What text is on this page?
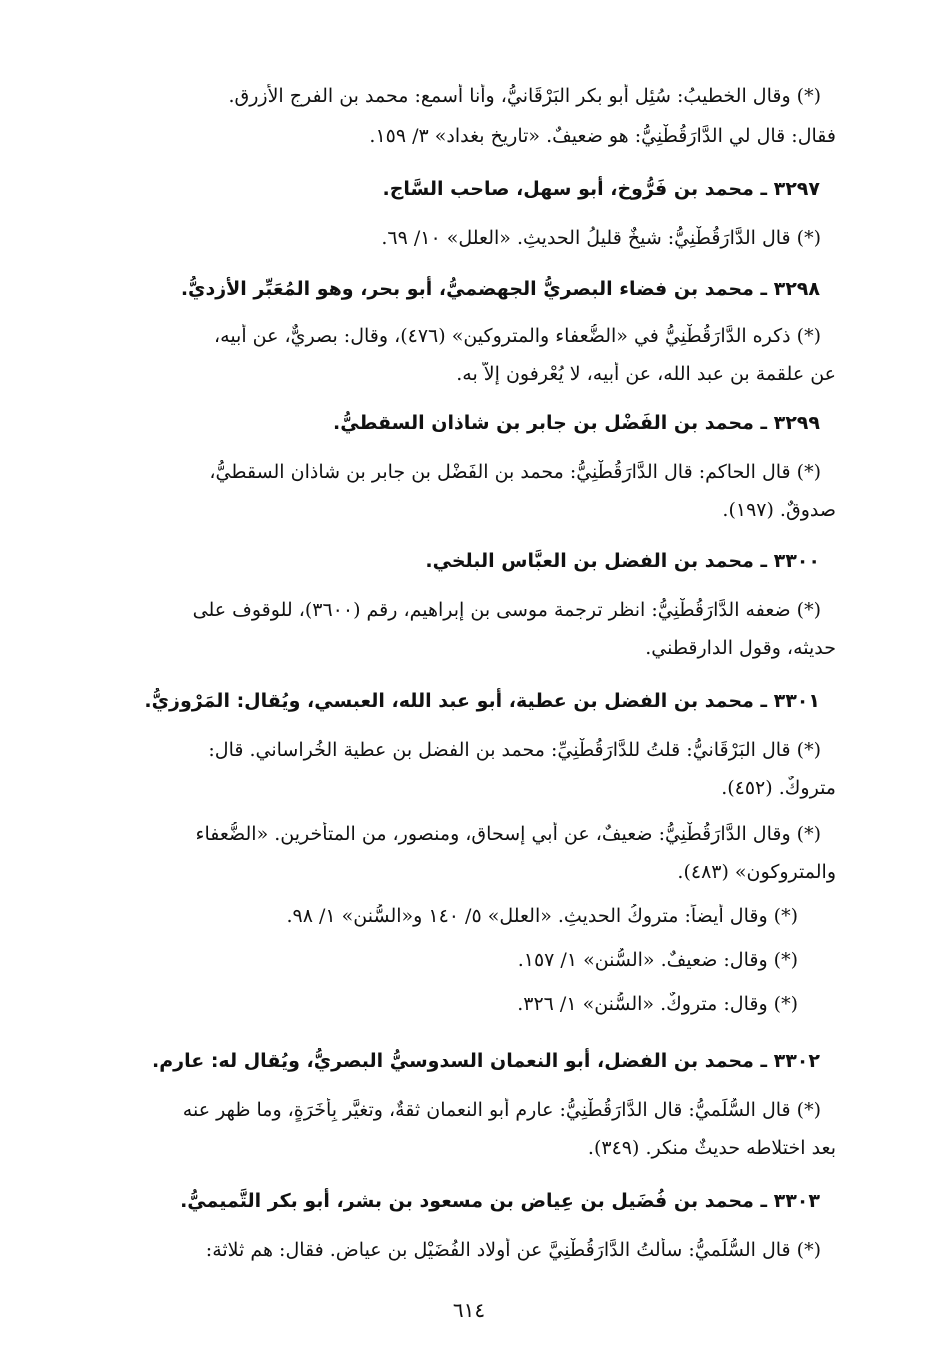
(*) وقال الخطيبُ: سُئِل أبو بكر البَرْقَانيُّ، وأنا أسمع: محمد بن الفرج الأزرق.
فقال: قال لي الدَّارَقُطْنِيُّ: هو ضعيفٌ. «تاريخ بغداد» ٣/ ١٥٩.
٣٢٩٧ ـ محمد بن فَرُّوخ، أبو سهل، صاحب السَّاج.
(*) قال الدَّارَقُطْنِيُّ: شيخٌ قليلُ الحديثِ. «العلل» ١٠/ ٦٩.
٣٢٩٨ ـ محمد بن فضاء البصريُّ الجهضميُّ، أبو بحر، وهو المُعَبِّر الأزديُّ.
(*) ذكره الدَّارَقُطْنِيُّ في «الضُّعفاء والمتروكين» (٤٧٦)، وقال: بصريٌّ، عن أبيه،
عن علقمة بن عبد الله، عن أبيه، لا يُعْرفون إلاَّ به.
٣٢٩٩ ـ محمد بن الفَضْل بن جابر بن شاذان السقطيُّ.
(*) قال الحاكم: قال الدَّارَقُطْنِيُّ: محمد بن الفَضْل بن جابر بن شاذان السقطيُّ،
صدوقٌ. (١٩٧).
٣٣٠٠ ـ محمد بن الفضل بن العبَّاس البلخي.
(*) ضعفه الدَّارَقُطْنِيُّ: انظر ترجمة موسى بن إبراهيم، رقم (٣٦٠٠)، للوقوف على
حديثه، وقول الدارقطني.
٣٣٠١ ـ محمد بن الفضل بن عطية، أبو عبد الله، العبسي، ويُقال: المَرْوزيُّ.
(*) قال البَرْقَانيُّ: قلتُ للدَّارَقُطْنِيِّ: محمد بن الفضل بن عطية الخُراساني. قال:
متروكٌ. (٤٥٢).
(*) وقال الدَّارَقُطْنِيُّ: ضعيفٌ، عن أبي إسحاق، ومنصور، من المتأخرين. «الضُّعفاء
والمتروكون» (٤٨٣).
(*) وقال أيضاً: متروكُ الحديثِ. «العلل» ٥/ ١٤٠ و«السُّنن» ١/ ٩٨.
(*) وقال: ضعيفٌ. «السُّنن» ١/ ١٥٧.
(*) وقال: متروكٌ. «السُّنن» ١/ ٣٢٦.
٣٣٠٢ ـ محمد بن الفضل، أبو النعمان السدوسيُّ البصريُّ، ويُقال له: عارم.
(*) قال السُّلَميُّ: قال الدَّارَقُطْنِيُّ: عارم أبو النعمان ثقةٌ، وتغيَّر بِأَخَرَةٍ، وما ظهر عنه
بعد اختلاطه حديثٌ منكر. (٣٤٩).
٣٣٠٣ ـ محمد بن فُضَيل بن عِياض بن مسعود بن بشر، أبو بكر التَّميميُّ.
(*) قال السُّلَميُّ: سألتُ الدَّارَقُطْنِيَّ عن أولاد الفُضَيْل بن عياض. فقال: هم ثلاثة:
٦١٤
